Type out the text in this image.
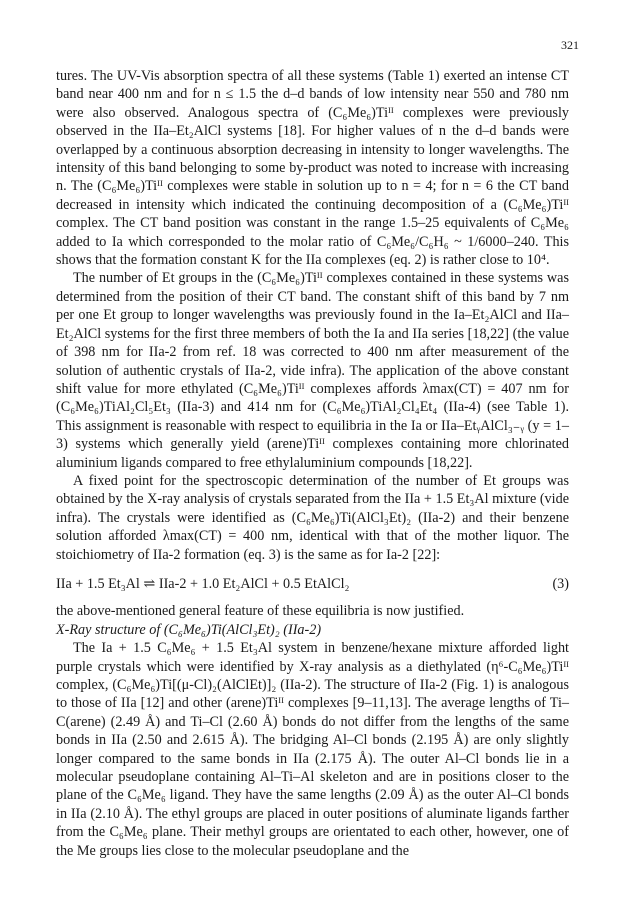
321

tures. The UV-Vis absorption spectra of all these systems (Table 1) exerted an intense CT band near 400 nm and for n ≤ 1.5 the d–d bands of low intensity near 550 and 780 nm were also observed. Analogous spectra of (C₆Me₆)Tiᴵᴵ complexes were previously observed in the IIa–Et₂AlCl systems [18]. For higher values of n the d–d bands were overlapped by a continuous absorption decreasing in intensity to longer wavelengths. The intensity of this band belonging to some by-product was noted to increase with increasing n. The (C₆Me₆)Tiᴵᴵ complexes were stable in solution up to n = 4; for n = 6 the CT band decreased in intensity which indicated the continuing decomposition of a (C₆Me₆)Tiᴵᴵ complex. The CT band position was constant in the range 1.5–25 equivalents of C₆Me₆ added to Ia which corresponded to the molar ratio of C₆Me₆/C₆H₆ ~ 1/6000–240. This shows that the formation constant K for the IIa complexes (eq. 2) is rather close to 10⁴.

The number of Et groups in the (C₆Me₆)Tiᴵᴵ complexes contained in these systems was determined from the position of their CT band. The constant shift of this band by 7 nm per one Et group to longer wavelengths was previously found in the Ia–Et₂AlCl and IIa–Et₂AlCl systems for the first three members of both the Ia and IIa series [18,22] (the value of 398 nm for IIa-2 from ref. 18 was corrected to 400 nm after measurement of the solution of authentic crystals of IIa-2, vide infra). The application of the above constant shift value for more ethylated (C₆Me₆)Tiᴵᴵ complexes affords λmax(CT) = 407 nm for (C₆Me₆)TiAl₂Cl₅Et₃ (IIa-3) and 414 nm for (C₆Me₆)TiAl₂Cl₄Et₄ (IIa-4) (see Table 1). This assignment is reasonable with respect to equilibria in the Ia or IIa–EtᵧAlCl₃₋ᵧ (y = 1–3) systems which generally yield (arene)Tiᴵᴵ complexes containing more chlorinated aluminium ligands compared to free ethylaluminium compounds [18,22].

A fixed point for the spectroscopic determination of the number of Et groups was obtained by the X-ray analysis of crystals separated from the IIa + 1.5 Et₃Al mixture (vide infra). The crystals were identified as (C₆Me₆)Ti(AlCl₃Et)₂ (IIa-2) and their benzene solution afforded λmax(CT) = 400 nm, identical with that of the mother liquor. The stoichiometry of IIa-2 formation (eq. 3) is the same as for Ia-2 [22]:

IIa + 1.5 Et₃Al ⇌ IIa-2 + 1.0 Et₂AlCl + 0.5 EtAlCl₂	(3)

the above-mentioned general feature of these equilibria is now justified.

X-Ray structure of (C₆Me₆)Ti(AlCl₃Et)₂ (IIa-2)

The Ia + 1.5 C₆Me₆ + 1.5 Et₃Al system in benzene/hexane mixture afforded light purple crystals which were identified by X-ray analysis as a diethylated (η⁶-C₆Me₆)Tiᴵᴵ complex, (C₆Me₆)Ti[(μ-Cl)₂(AlClEt)]₂ (IIa-2). The structure of IIa-2 (Fig. 1) is analogous to those of IIa [12] and other (arene)Tiᴵᴵ complexes [9–11,13]. The average lengths of Ti–C(arene) (2.49 Å) and Ti–Cl (2.60 Å) bonds do not differ from the lengths of the same bonds in IIa (2.50 and 2.615 Å). The bridging Al–Cl bonds (2.195 Å) are only slightly longer compared to the same bonds in IIa (2.175 Å). The outer Al–Cl bonds lie in a molecular pseudoplane containing Al–Ti–Al skeleton and are in positions closer to the plane of the C₆Me₆ ligand. They have the same lengths (2.09 Å) as the outer Al–Cl bonds in IIa (2.10 Å). The ethyl groups are placed in outer positions of aluminate ligands farther from the C₆Me₆ plane. Their methyl groups are orientated to each other, however, one of the Me groups lies close to the molecular pseudoplane and the
